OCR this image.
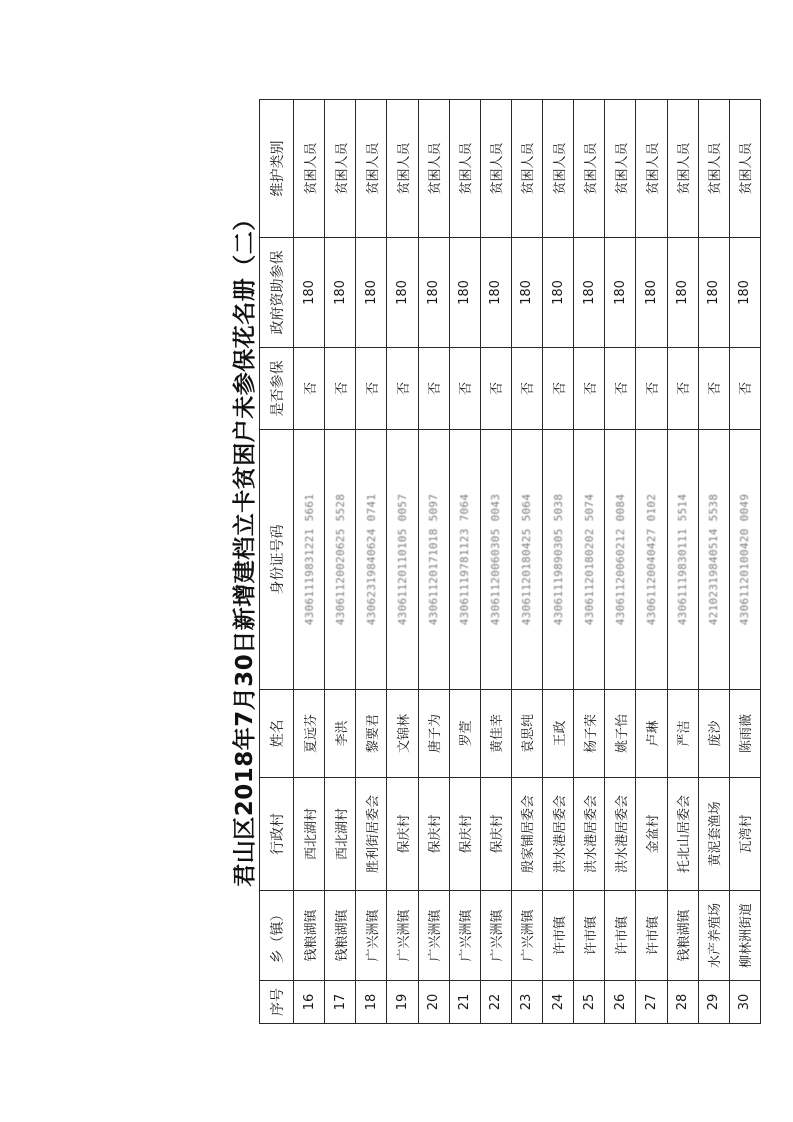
君山区2018年7月30日新增建档立卡贫困户未参保花名册（二）
序号	乡（镇）	行政村	姓名	身份证号码	是否参保	政府资助参保	维护类别
16	钱粮湖镇	西北湖村	夏远芬	43061119831221 5661	否	180	贫困人员
17	钱粮湖镇	西北湖村	李洪	43061120020625 5528	否	180	贫困人员
18	广兴洲镇	胜利街居委会	黎要君	43062319840624 0741	否	180	贫困人员
19	广兴洲镇	保庆村	文锦林	43061120110105 0057	否	180	贫困人员
20	广兴洲镇	保庆村	唐子为	43061120171018 5097	否	180	贫困人员
21	广兴洲镇	保庆村	罗萱	43061119781123 7064	否	180	贫困人员
22	广兴洲镇	保庆村	黄佳幸	43061120060305 0043	否	180	贫困人员
23	广兴洲镇	殷家铺居委会	袁思纯	43061120180425 5064	否	180	贫困人员
24	许市镇	洪水港居委会	王政	43061119890305 5038	否	180	贫困人员
25	许市镇	洪水港居委会	杨子荣	43061120180202 5074	否	180	贫困人员
26	许市镇	洪水港居委会	姚子怡	43061120060212 0084	否	180	贫困人员
27	许市镇	金盆村	卢琳	43061120040427 0102	否	180	贫困人员
28	钱粮湖镇	托北山居委会	严洁	43061119830111 5514	否	180	贫困人员
29	水产养殖场	黄泥套渔场	庞沙	42102319840514 5538	否	180	贫困人员
30	柳林洲街道	瓦湾村	陈雨薇	43061120100420 0049	否	180	贫困人员
